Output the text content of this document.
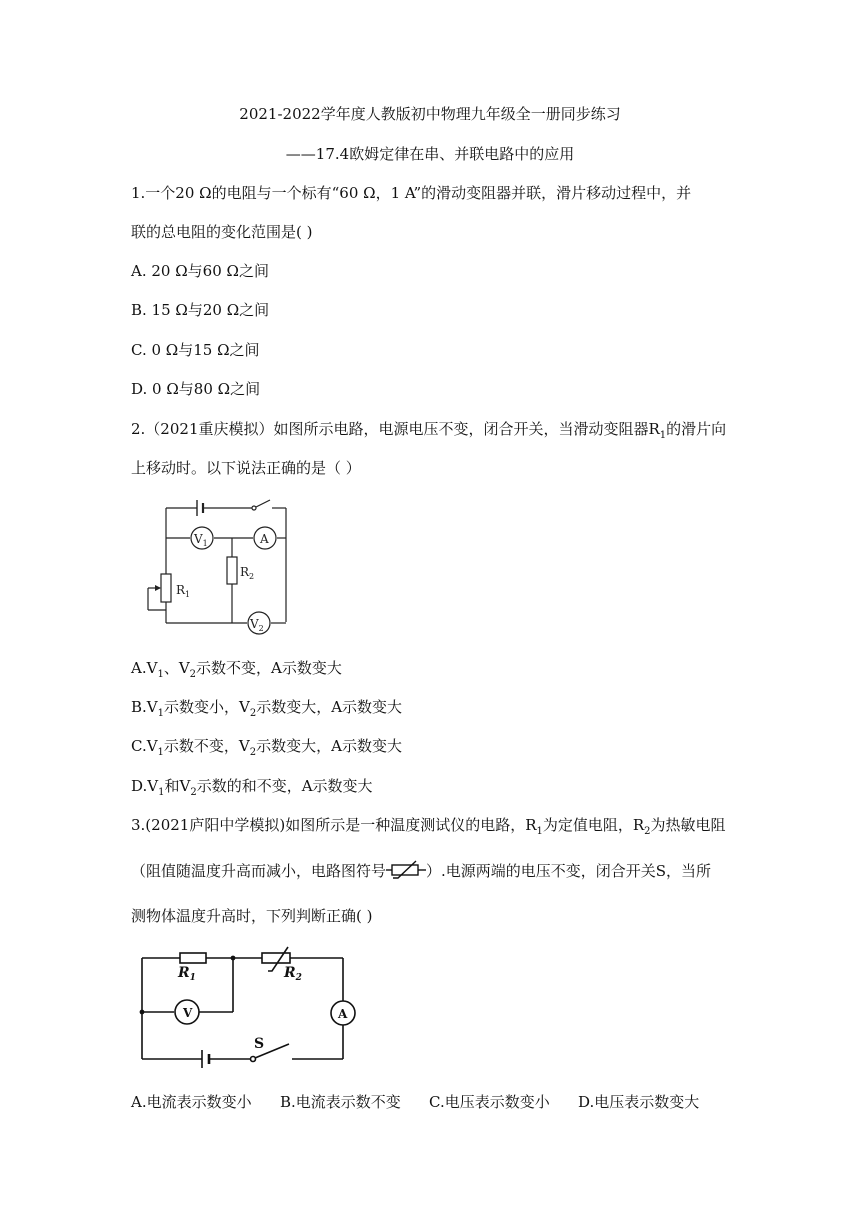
2021-2022学年度人教版初中物理九年级全一册同步练习
——17.4欧姆定律在串、并联电路中的应用
1.一个20 Ω的电阻与一个标有“60 Ω，1 A”的滑动变阻器并联，滑片移动过程中，并
联的总电阻的变化范围是( )
A. 20 Ω与60 Ω之间
B. 15 Ω与20 Ω之间
C. 0 Ω与15 Ω之间
D. 0 Ω与80 Ω之间
2.（2021重庆模拟）如图所示电路，电源电压不变，闭合开关，当滑动变阻器$R_1$的滑片向
上移动时。以下说法正确的是（ ）
$V_1$	A
$R_2$
$R_1$
$V_2$
$A.V_1$、$V_2$示数不变，A示数变大
$B.V_1$示数变小，$V_2$示数变大，A示数变大
$C.V_1$示数不变，$V_2$示数变大，A示数变大
$D.V_1$和$V_2$示数的和不变，A示数变大
3.(2021庐阳中学模拟)如图所示是一种温度测试仪的电路，$R_1$为定值电阻，$R_2$为热敏电阻
（阻值随温度升高而减小，电路图符号	）.电源两端的电压不变，闭合开关S，当所
测物体温度升高时，下列判断正确( )
$R_1$	$R_2$
V	A
S
A.电流表示数变小 B.电流表示数不变 C.电压表示数变小 D.电压表示数变大
